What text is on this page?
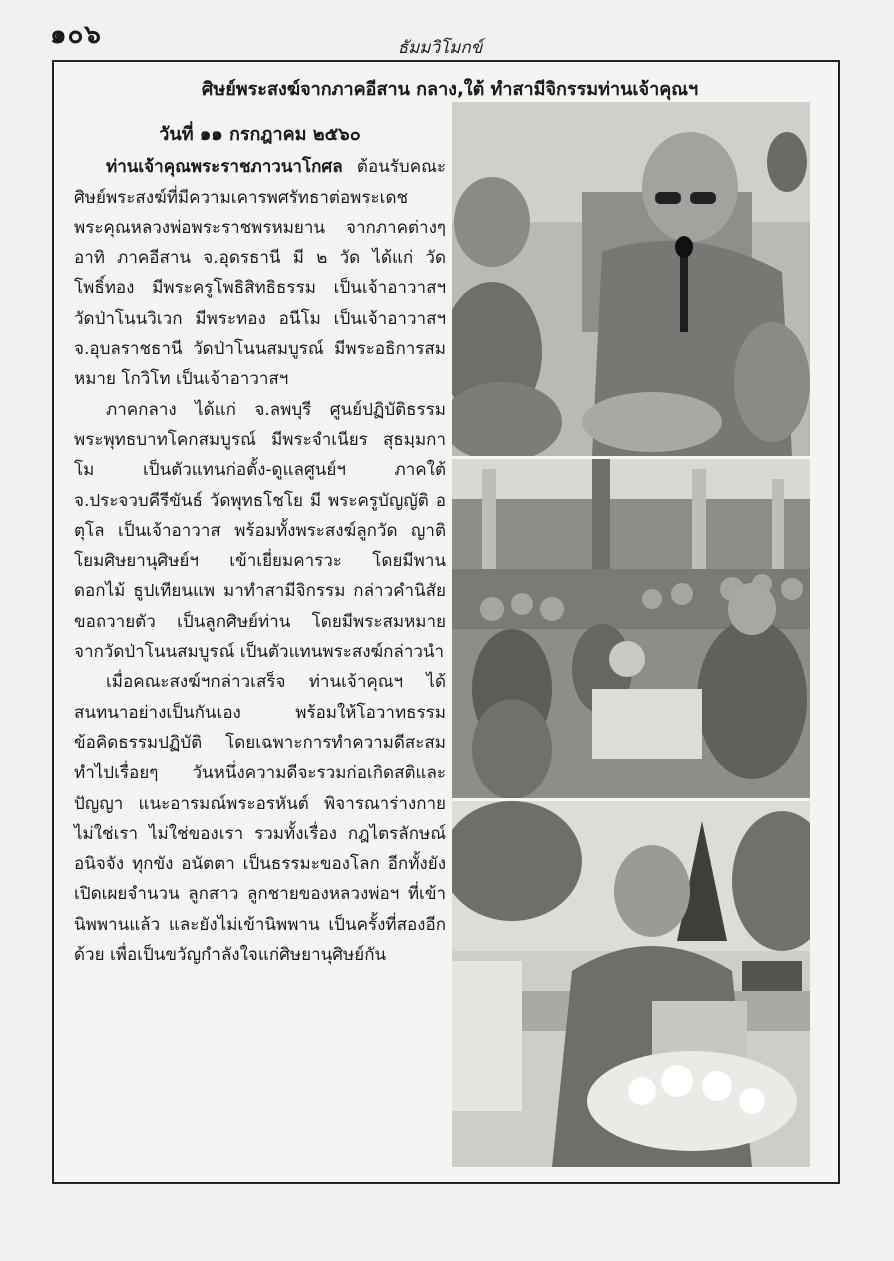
๑๐๖	ธัมมวิโมกข์
ศิษย์พระสงฆ์จากภาคอีสาน กลาง,ใต้ ทำสามีจิกรรมท่านเจ้าคุณฯ

วันที่ ๑๑ กรกฎาคม ๒๕๖๐

ท่านเจ้าคุณพระราชภาวนาโกศล ต้อนรับคณะศิษย์พระสงฆ์ที่มีความเคารพศรัทธาต่อพระเดชพระคุณหลวงพ่อพระราชพรหมยาน จากภาคต่างๆ อาทิ ภาคอีสาน จ.อุดรธานี มี ๒ วัด ได้แก่ วัดโพธิ์ทอง มีพระครูโพธิสิทธิธรรม เป็นเจ้าอาวาสฯ วัดป่าโนนวิเวก มีพระทอง อนีโม เป็นเจ้าอาวาสฯ จ.อุบลราชธานี วัดป่าโนนสมบูรณ์ มีพระอธิการสมหมาย โกวิโท เป็นเจ้าอาวาสฯ

ภาคกลาง ได้แก่ จ.ลพบุรี ศูนย์ปฏิบัติธรรมพระพุทธบาทโคกสมบูรณ์ มีพระจำเนียร สุธมฺมกาโม เป็นตัวแทนก่อตั้ง-ดูแลศูนย์ฯ ภาคใต้ จ.ประจวบคีรีขันธ์ วัดพุทธโชโย มี พระครูบัญญัติ อตุโล เป็นเจ้าอาวาส พร้อมทั้งพระสงฆ์ลูกวัด ญาติโยมศิษยานุศิษย์ฯ เข้าเยี่ยมคารวะ โดยมีพานดอกไม้ ธูปเทียนแพ มาทำสามีจิกรรม กล่าวคำนิสัยขอถวายตัว เป็นลูกศิษย์ท่าน โดยมีพระสมหมาย จากวัดป่าโนนสมบูรณ์ เป็นตัวแทนพระสงฆ์กล่าวนำ

เมื่อคณะสงฆ์ฯกล่าวเสร็จ ท่านเจ้าคุณฯ ได้สนทนาอย่างเป็นกันเอง พร้อมให้โอวาทธรรม ข้อคิดธรรมปฏิบัติ โดยเฉพาะการทำความดีสะสม ทำไปเรื่อยๆ วันหนึ่งความดีจะรวมก่อเกิดสติและปัญญา แนะอารมณ์พระอรหันต์ พิจารณาร่างกายไม่ใช่เรา ไม่ใช่ของเรา รวมทั้งเรื่อง กฎไตรลักษณ์ อนิจจัง ทุกขัง อนัตตา เป็นธรรมะของโลก อีกทั้งยังเปิดเผยจำนวน ลูกสาว ลูกชายของหลวงพ่อฯ ที่เข้านิพพานแล้ว และยังไม่เข้านิพพาน เป็นครั้งที่สองอีกด้วย เพื่อเป็นขวัญกำลังใจแก่ศิษยานุศิษย์กัน
